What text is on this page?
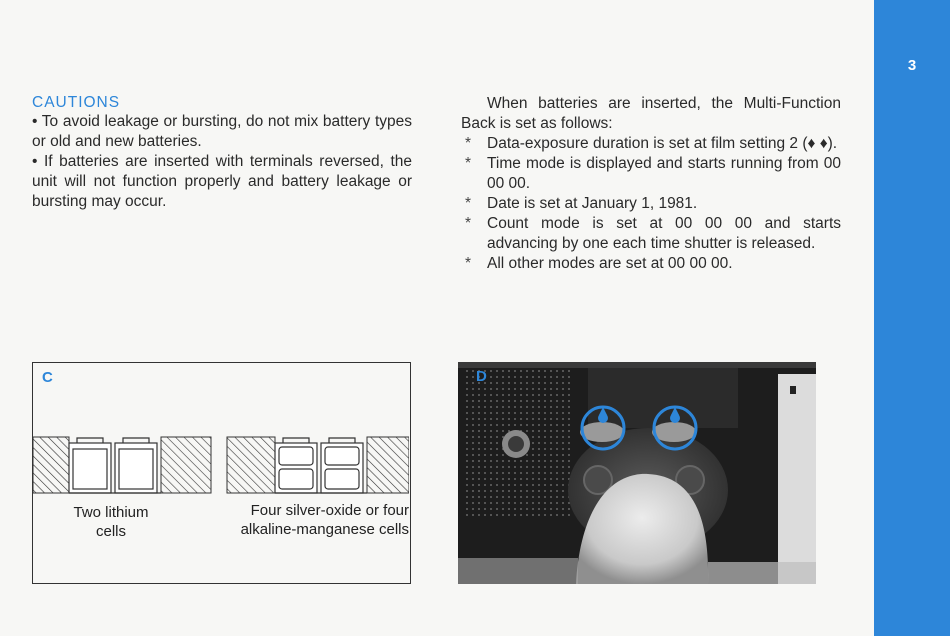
3
CAUTIONS

• To avoid leakage or bursting, do not mix battery types or old and new batteries.

• If batteries are inserted with terminals reversed, the unit will not function properly and battery leakage or bursting may occur.

When batteries are inserted, the Multi-Function Back is set as follows:

* Data-exposure duration is set at film setting 2 (♦ ♦).
* Time mode is displayed and starts running from 00 00 00.
* Date is set at January 1, 1981.
* Count mode is set at 00 00 00 and starts advancing by one each time shutter is released.
* All other modes are set at 00 00 00.
C
Two lithium
cells
Four silver-oxide or four
alkaline-manganese cells
D
